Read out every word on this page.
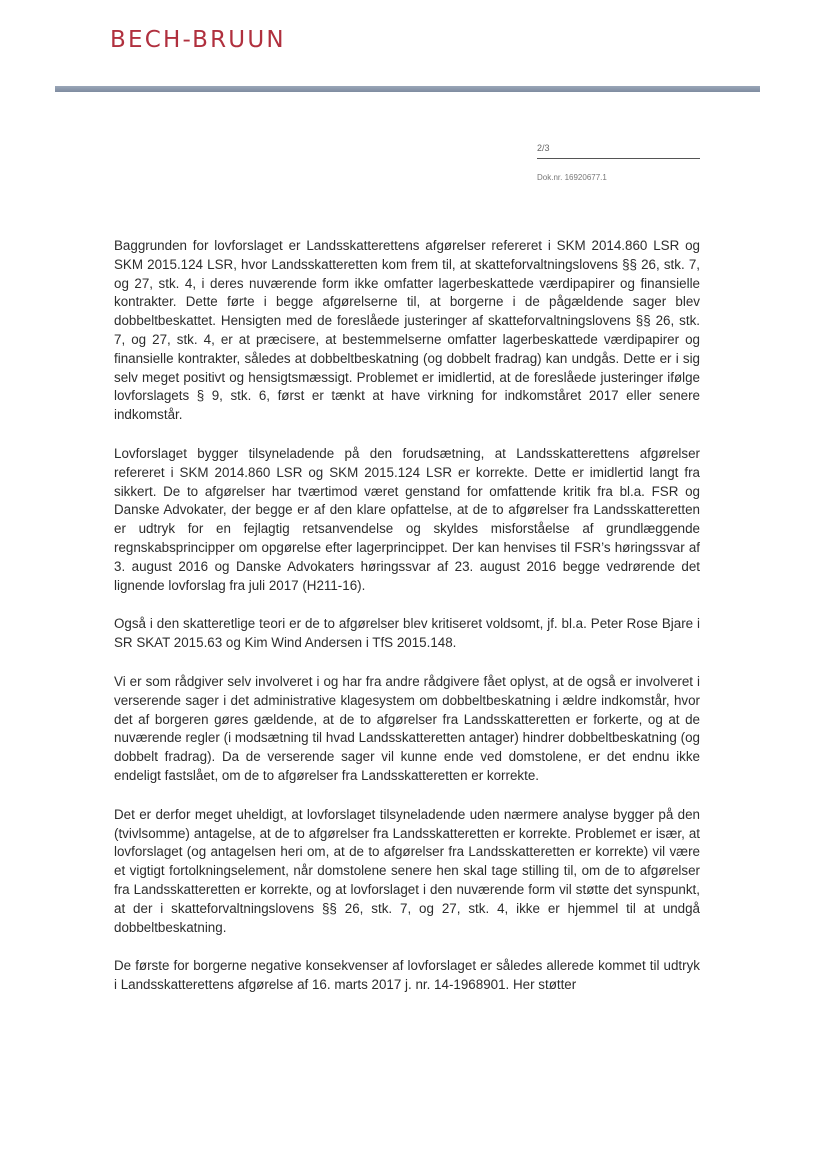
BECH-BRUUN
2/3
Dok.nr. 16920677.1

Baggrunden for lovforslaget er Landsskatterettens afgørelser refereret i SKM 2014.860 LSR og SKM 2015.124 LSR, hvor Landsskatteretten kom frem til, at skatteforvaltningslovens §§ 26, stk. 7, og 27, stk. 4, i deres nuværende form ikke omfatter lagerbeskattede værdipapirer og finansielle kontrakter. Dette førte i begge afgørelserne til, at borgerne i de pågældende sager blev dobbeltbeskattet. Hensigten med de foreslåede justeringer af skatteforvaltningslovens §§ 26, stk. 7, og 27, stk. 4, er at præcisere, at bestemmelserne omfatter lagerbeskattede værdipapirer og finansielle kontrakter, således at dobbeltbeskatning (og dobbelt fradrag) kan undgås. Dette er i sig selv meget positivt og hensigtsmæssigt. Problemet er imidlertid, at de foreslåede justeringer ifølge lovforslagets § 9, stk. 6, først er tænkt at have virkning for indkomståret 2017 eller senere indkomstår.

Lovforslaget bygger tilsyneladende på den forudsætning, at Landsskatterettens afgørelser refereret i SKM 2014.860 LSR og SKM 2015.124 LSR er korrekte. Dette er imidlertid langt fra sikkert. De to afgørelser har tværtimod været genstand for omfattende kritik fra bl.a. FSR og Danske Advokater, der begge er af den klare opfattelse, at de to afgørelser fra Landsskatteretten er udtryk for en fejlagtig retsanvendelse og skyldes misforståelse af grundlæggende regnskabsprincipper om opgørelse efter lagerprincippet. Der kan henvises til FSR’s høringssvar af 3. august 2016 og Danske Advokaters høringssvar af 23. august 2016 begge vedrørende det lignende lovforslag fra juli 2017 (H211-16).

Også i den skatteretlige teori er de to afgørelser blev kritiseret voldsomt, jf. bl.a. Peter Rose Bjare i SR SKAT 2015.63 og Kim Wind Andersen i TfS 2015.148.

Vi er som rådgiver selv involveret i og har fra andre rådgivere fået oplyst, at de også er involveret i verserende sager i det administrative klagesystem om dobbeltbeskatning i ældre indkomstår, hvor det af borgeren gøres gældende, at de to afgørelser fra Landsskatteretten er forkerte, og at de nuværende regler (i modsætning til hvad Landsskatteretten antager) hindrer dobbeltbeskatning (og dobbelt fradrag). Da de verserende sager vil kunne ende ved domstolene, er det endnu ikke endeligt fastslået, om de to afgørelser fra Landsskatteretten er korrekte.

Det er derfor meget uheldigt, at lovforslaget tilsyneladende uden nærmere analyse bygger på den (tvivlsomme) antagelse, at de to afgørelser fra Landsskatteretten er korrekte. Problemet er især, at lovforslaget (og antagelsen heri om, at de to afgørelser fra Landsskatteretten er korrekte) vil være et vigtigt fortolkningselement, når domstolene senere hen skal tage stilling til, om de to afgørelser fra Landsskatteretten er korrekte, og at lovforslaget i den nuværende form vil støtte det synspunkt, at der i skatteforvaltningslovens §§ 26, stk. 7, og 27, stk. 4, ikke er hjemmel til at undgå dobbeltbeskatning.

De første for borgerne negative konsekvenser af lovforslaget er således allerede kommet til udtryk i Landsskatterettens afgørelse af 16. marts 2017 j. nr. 14-1968901. Her støtter
